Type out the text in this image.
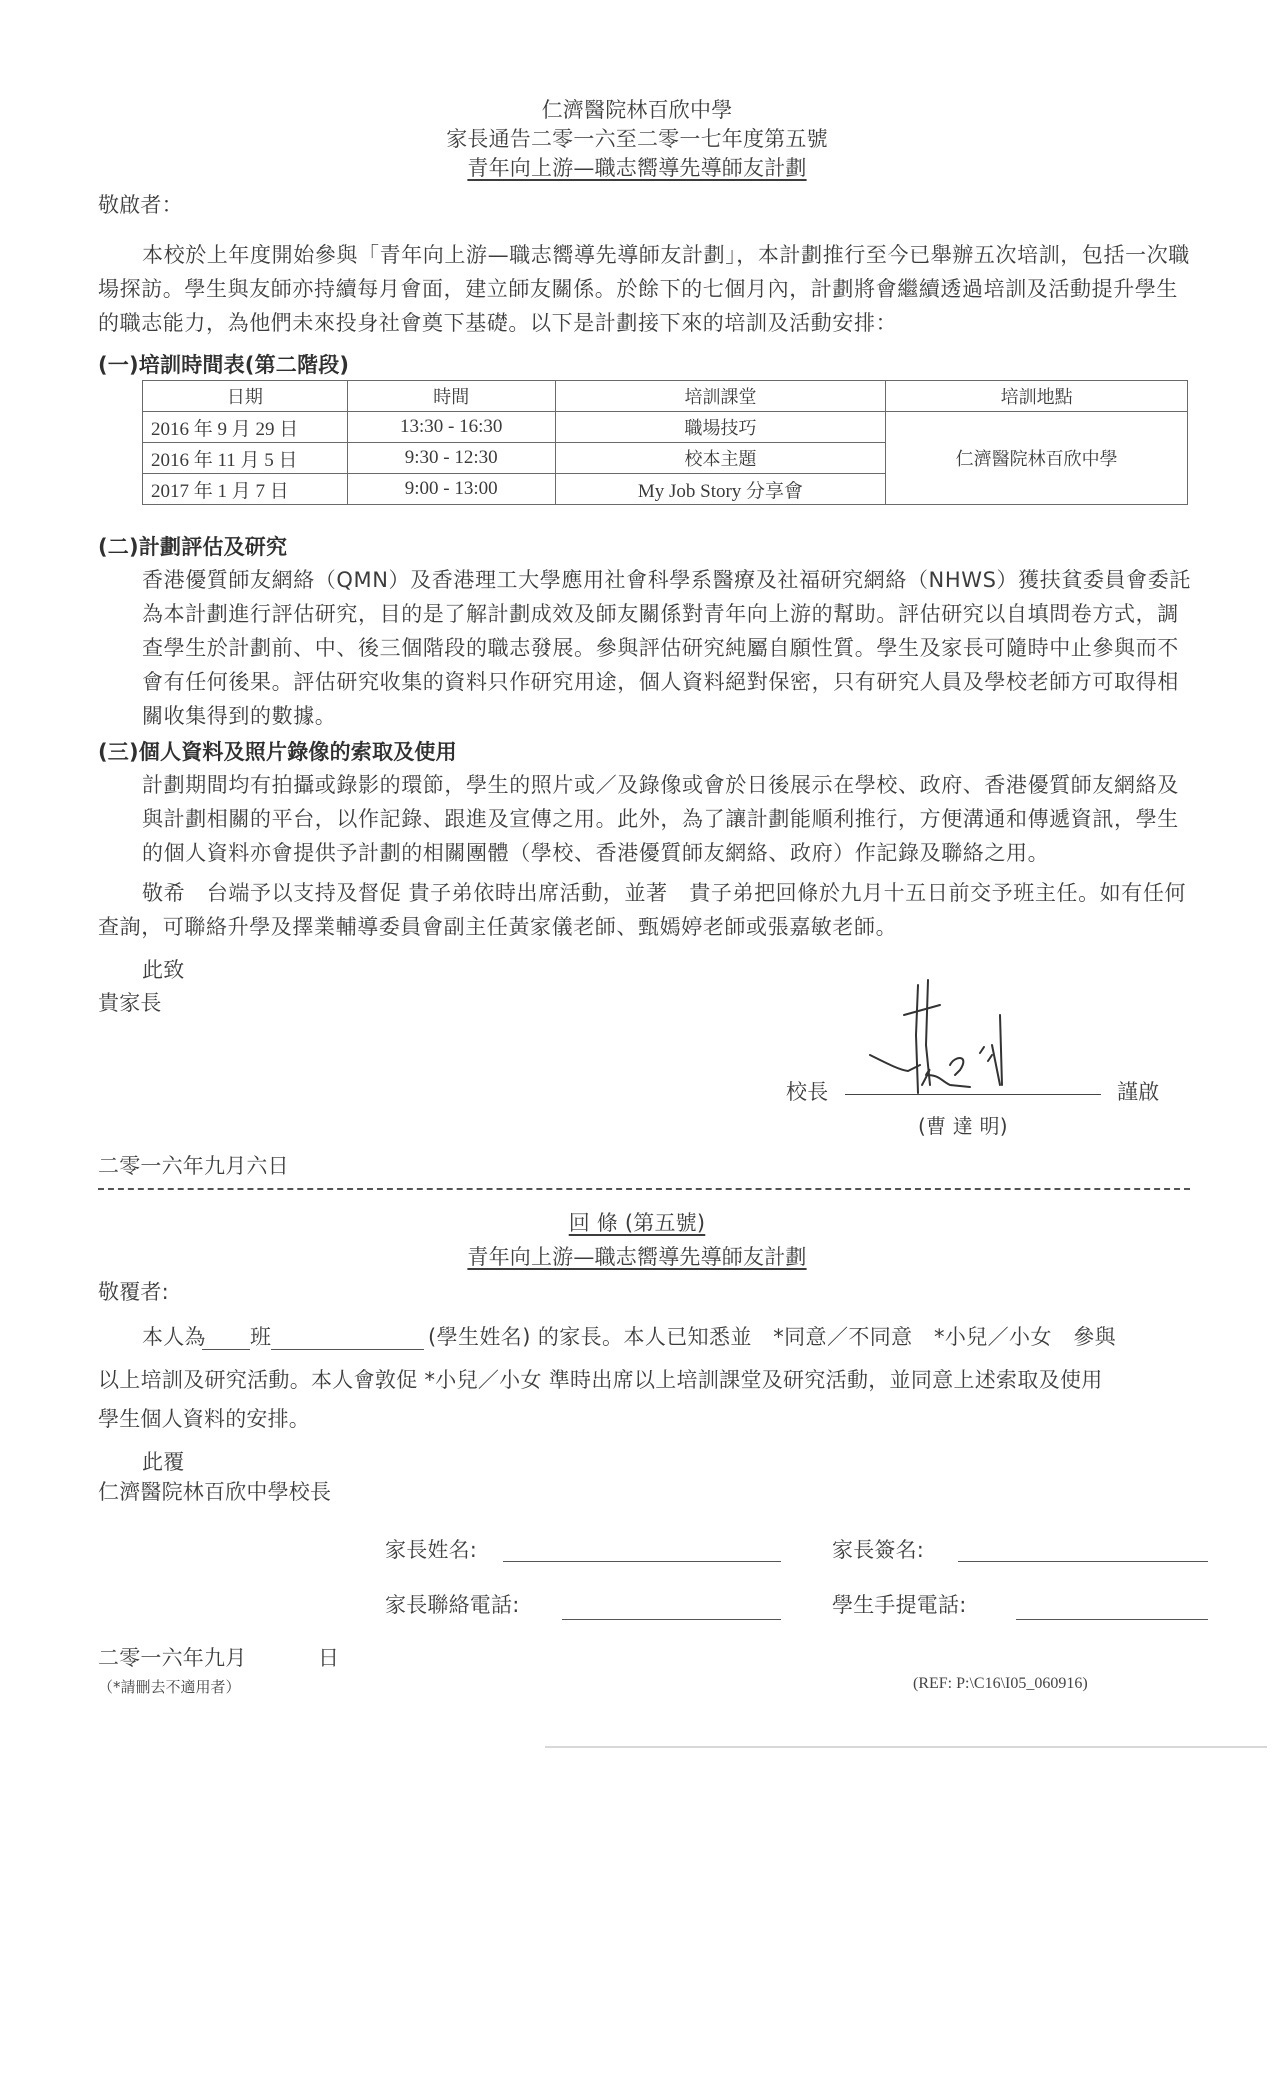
仁濟醫院林百欣中學
家長通告二零一六至二零一七年度第五號
青年向上游—職志嚮導先導師友計劃
敬啟者：
本校於上年度開始參與「青年向上游—職志嚮導先導師友計劃」，本計劃推行至今已舉辦五次培訓，包括一次職場探訪。學生與友師亦持續每月會面，建立師友關係。於餘下的七個月內，計劃將會繼續透過培訓及活動提升學生的職志能力，為他們未來投身社會奠下基礎。以下是計劃接下來的培訓及活動安排：
(一)培訓時間表(第二階段)
日期	時間	培訓課堂	培訓地點
2016 年 9 月 29 日	13:30 - 16:30	職場技巧	仁濟醫院林百欣中學
2016 年 11 月 5 日	9:30 - 12:30	校本主題	
2017 年 1 月 7 日	9:00 - 13:00	My Job Story 分享會	
(二)計劃評估及研究
香港優質師友網絡（QMN）及香港理工大學應用社會科學系醫療及社福研究網絡（NHWS）獲扶貧委員會委託為本計劃進行評估研究，目的是了解計劃成效及師友關係對青年向上游的幫助。評估研究以自填問卷方式，調查學生於計劃前、中、後三個階段的職志發展。參與評估研究純屬自願性質。學生及家長可隨時中止參與而不會有任何後果。評估研究收集的資料只作研究用途，個人資料絕對保密，只有研究人員及學校老師方可取得相關收集得到的數據。
(三)個人資料及照片錄像的索取及使用
計劃期間均有拍攝或錄影的環節，學生的照片或／及錄像或會於日後展示在學校、政府、香港優質師友網絡及與計劃相關的平台，以作記錄、跟進及宣傳之用。此外，為了讓計劃能順利推行，方便溝通和傳遞資訊，學生的個人資料亦會提供予計劃的相關團體（學校、香港優質師友網絡、政府）作記錄及聯絡之用。
敬希　台端予以支持及督促 貴子弟依時出席活動，並著　貴子弟把回條於九月十五日前交予班主任。如有任何查詢，可聯絡升學及擇業輔導委員會副主任黃家儀老師、甄嫣婷老師或張嘉敏老師。
此致
貴家長
校長	謹啟
(曹 達 明)
二零一六年九月六日
回 條 (第五號)
青年向上游—職志嚮導先導師友計劃
敬覆者:
本人為 班	(學生姓名) 的家長。本人已知悉並　*同意／不同意　*小兒／小女　參與
以上培訓及研究活動。本人會敦促 *小兒／小女 準時出席以上培訓課堂及研究活動，並同意上述索取及使用
學生個人資料的安排。
此覆
仁濟醫院林百欣中學校長
家長姓名:	家長簽名:
家長聯絡電話:	學生手提電話:
二零一六年九月	日
（*請刪去不適用者）	(REF: P:\C16\I05_060916)
